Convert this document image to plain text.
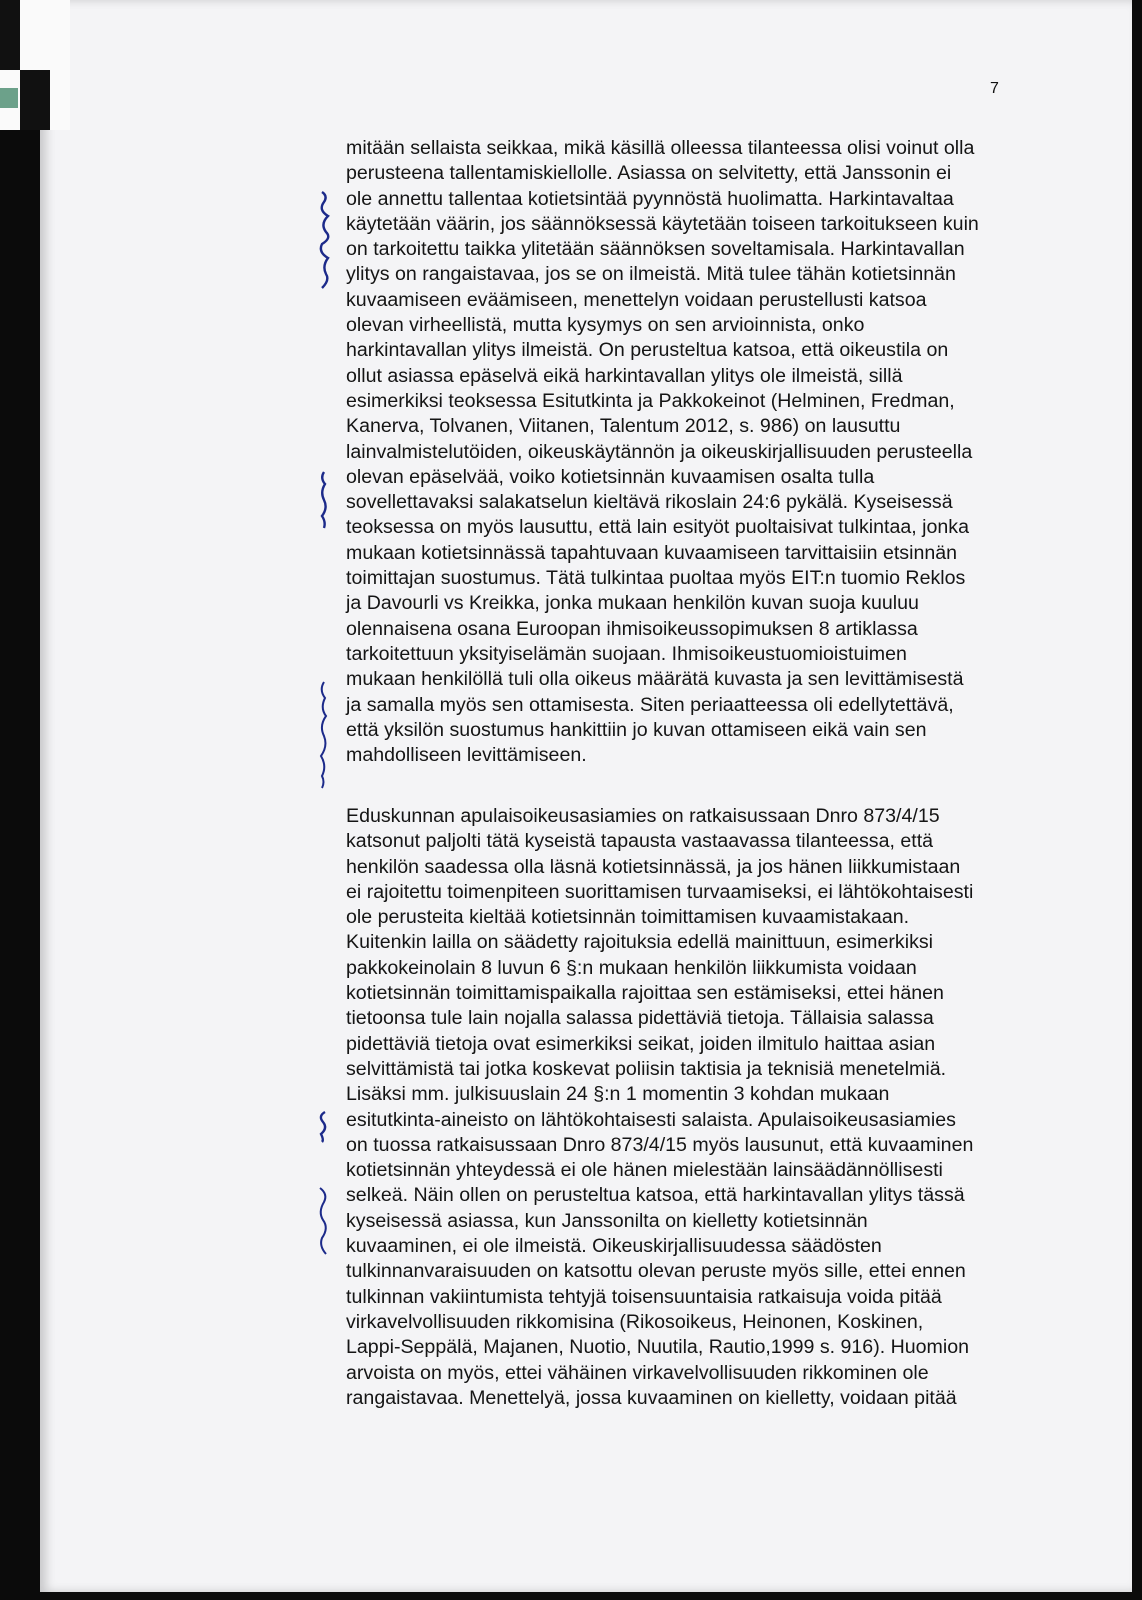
7
mitään sellaista seikkaa, mikä käsillä olleessa tilanteessa olisi voinut olla
perusteena tallentamiskiellolle. Asiassa on selvitetty, että Janssonin ei
ole annettu tallentaa kotietsintää pyynnöstä huolimatta. Harkintavaltaa
käytetään väärin, jos säännöksessä käytetään toiseen tarkoitukseen kuin
on tarkoitettu taikka ylitetään säännöksen soveltamisala. Harkintavallan
ylitys on rangaistavaa, jos se on ilmeistä. Mitä tulee tähän kotietsinnän
kuvaamiseen eväämiseen, menettelyn voidaan perustellusti katsoa
olevan virheellistä, mutta kysymys on sen arvioinnista, onko
harkintavallan ylitys ilmeistä. On perusteltua katsoa, että oikeustila on
ollut asiassa epäselvä eikä harkintavallan ylitys ole ilmeistä, sillä
esimerkiksi teoksessa Esitutkinta ja Pakkokeinot (Helminen, Fredman,
Kanerva, Tolvanen, Viitanen, Talentum 2012, s. 986) on lausuttu
lainvalmistelutöiden, oikeuskäytännön ja oikeuskirjallisuuden perusteella
olevan epäselvää, voiko kotietsinnän kuvaamisen osalta tulla
sovellettavaksi salakatselun kieltävä rikoslain 24:6 pykälä. Kyseisessä
teoksessa on myös lausuttu, että lain esityöt puoltaisivat tulkintaa, jonka
mukaan kotietsinnässä tapahtuvaan kuvaamiseen tarvittaisiin etsinnän
toimittajan suostumus. Tätä tulkintaa puoltaa myös EIT:n tuomio Reklos
ja Davourli vs Kreikka, jonka mukaan henkilön kuvan suoja kuuluu
olennaisena osana Euroopan ihmisoikeussopimuksen 8 artiklassa
tarkoitettuun yksityiselämän suojaan. Ihmisoikeustuomioistuimen
mukaan henkilöllä tuli olla oikeus määrätä kuvasta ja sen levittämisestä
ja samalla myös sen ottamisesta. Siten periaatteessa oli edellytettävä,
että yksilön suostumus hankittiin jo kuvan ottamiseen eikä vain sen
mahdolliseen levittämiseen.
Eduskunnan apulaisoikeusasiamies on ratkaisussaan Dnro 873/4/15
katsonut paljolti tätä kyseistä tapausta vastaavassa tilanteessa, että
henkilön saadessa olla läsnä kotietsinnässä, ja jos hänen liikkumistaan
ei rajoitettu toimenpiteen suorittamisen turvaamiseksi, ei lähtökohtaisesti
ole perusteita kieltää kotietsinnän toimittamisen kuvaamistakaan.
Kuitenkin lailla on säädetty rajoituksia edellä mainittuun, esimerkiksi
pakkokeinolain 8 luvun 6 §:n mukaan henkilön liikkumista voidaan
kotietsinnän toimittamispaikalla rajoittaa sen estämiseksi, ettei hänen
tietoonsa tule lain nojalla salassa pidettäviä tietoja. Tällaisia salassa
pidettäviä tietoja ovat esimerkiksi seikat, joiden ilmitulo haittaa asian
selvittämistä tai jotka koskevat poliisin taktisia ja teknisiä menetelmiä.
Lisäksi mm. julkisuuslain 24 §:n 1 momentin 3 kohdan mukaan
esitutkinta-aineisto on lähtökohtaisesti salaista. Apulaisoikeusasiamies
on tuossa ratkaisussaan Dnro 873/4/15 myös lausunut, että kuvaaminen
kotietsinnän yhteydessä ei ole hänen mielestään lainsäädännöllisesti
selkeä. Näin ollen on perusteltua katsoa, että harkintavallan ylitys tässä
kyseisessä asiassa, kun Janssonilta on kielletty kotietsinnän
kuvaaminen, ei ole ilmeistä. Oikeuskirjallisuudessa säädösten
tulkinnanvaraisuuden on katsottu olevan peruste myös sille, ettei ennen
tulkinnan vakiintumista tehtyjä toisensuuntaisia ratkaisuja voida pitää
virkavelvollisuuden rikkomisina (Rikosoikeus, Heinonen, Koskinen,
Lappi-Seppälä, Majanen, Nuotio, Nuutila, Rautio,1999 s. 916). Huomion
arvoista on myös, ettei vähäinen virkavelvollisuuden rikkominen ole
rangaistavaa. Menettelyä, jossa kuvaaminen on kielletty, voidaan pitää
